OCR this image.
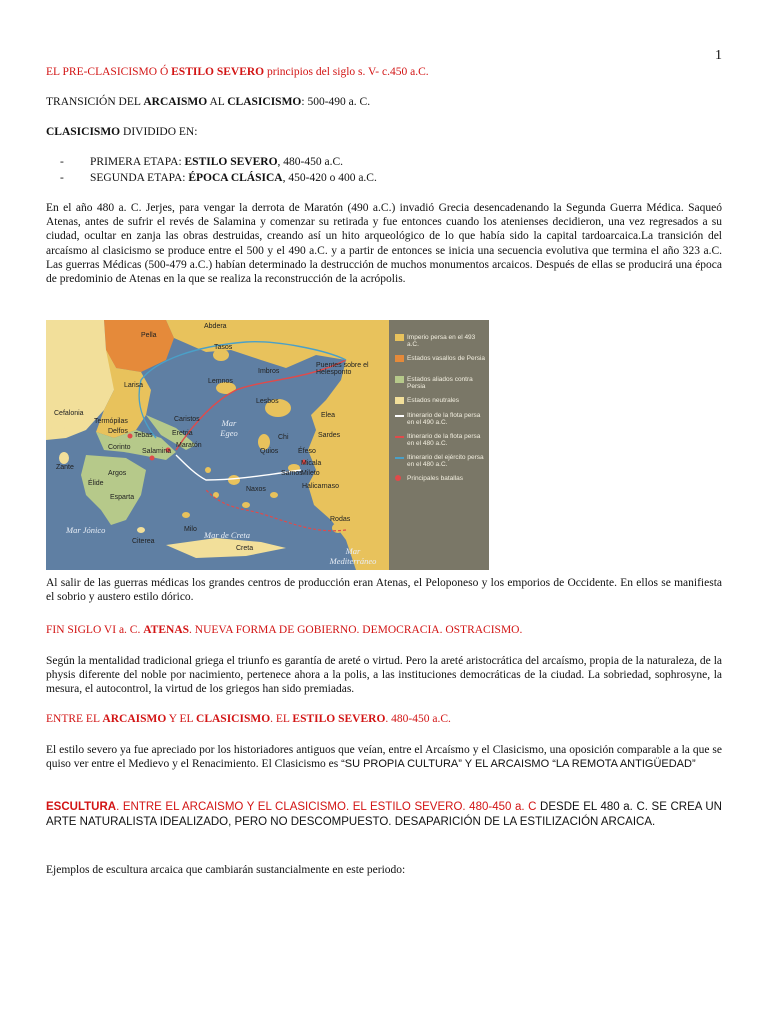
1
EL PRE-CLASICISMO Ó ESTILO SEVERO principios del siglo s. V- c.450 a.C.
TRANSICIÓN DEL ARCAISMO AL CLASICISMO: 500-490 a. C.
CLASICISMO DIVIDIDO EN:
- PRIMERA ETAPA: ESTILO SEVERO, 480-450 a.C.
- SEGUNDA ETAPA: ÉPOCA CLÁSICA, 450-420 o 400 a.C.
En el año 480 a. C. Jerjes, para vengar la derrota de Maratón (490 a.C.) invadió Grecia desencadenando la Segunda Guerra Médica. Saqueó Atenas, antes de sufrir el revés de Salamina y comenzar su retirada y fue entonces cuando los atenienses decidieron, una vez regresados a su ciudad, ocultar en zanja las obras destruidas, creando así un hito arqueológico de lo que había sido la capital tardoarcaica.La transición del arcaísmo al clasicismo se produce entre el 500 y el 490 a.C. y a partir de entonces se inicia una secuencia evolutiva que termina el año 323 a.C. Las guerras Médicas (500-479 a.C.) habían determinado la destrucción de muchos monumentos arcaicos. Después de ellas se producirá una época de predominio de Atenas en la que se realiza la reconstrucción de la acrópolis.
Pella
Abdera
Tasos
Larisa
Imbros
Puentes sobre el Helesponto
Lemnos
Lesbos
Elea
Quios
Sardes
Termópilas
Delfos
Tebas
Caristos
Eretria
Maratón
Salamina
Corinto
Éfeso
Micala
Mileto
Samos
Halicarnaso
Naxos
Cefalonia
Zante
Argos
Esparta
Élide
Milo
Citerea
Creta
Rodas
Chi
Mar Egeo
Mar Jónico	Mar de Creta
Mar Mediterráneo
Imperio persa en el 493 a.C.
Estados vasallos de Persia
Estados aliados contra Persia
Estados neutrales
Itinerario de la flota persa en el 490 a.C.
Itinerario de la flota persa en el 480 a.C.
Itinerario del ejército persa en el 480 a.C.
Principales batallas
Al salir de las guerras médicas los grandes centros de producción eran Atenas, el Peloponeso y los emporios de Occidente. En ellos se manifiesta el sobrio y austero estilo dórico.
FIN SIGLO VI a. C. ATENAS. NUEVA FORMA DE GOBIERNO. DEMOCRACIA. OSTRACISMO.
Según la mentalidad tradicional griega el triunfo es garantía de areté o virtud. Pero la areté aristocrática del arcaísmo, propia de la naturaleza, de la physis diferente del noble por nacimiento, pertenece ahora a la polis, a las instituciones democráticas de la ciudad. La sobriedad, sophrosyne, la mesura, el autocontrol, la virtud de los griegos han sido premiadas.
ENTRE EL ARCAISMO Y EL CLASICISMO. EL ESTILO SEVERO. 480-450 a.C.
El estilo severo ya fue apreciado por los historiadores antiguos que veían, entre el Arcaísmo y el Clasicismo, una oposición comparable a la que se quiso ver entre el Medievo y el Renacimiento. El Clasicismo es “SU PROPIA CULTURA” Y EL ARCAISMO “LA REMOTA ANTIGÜEDAD”
ESCULTURA. ENTRE EL ARCAISMO Y EL CLASICISMO. EL ESTILO SEVERO. 480-450 a. C DESDE EL 480 a. C. SE CREA UN ARTE NATURALISTA IDEALIZADO, PERO NO DESCOMPUESTO. DESAPARICIÓN DE LA ESTILIZACIÓN ARCAICA.
Ejemplos de escultura arcaica que cambiarán sustancialmente en este periodo:
